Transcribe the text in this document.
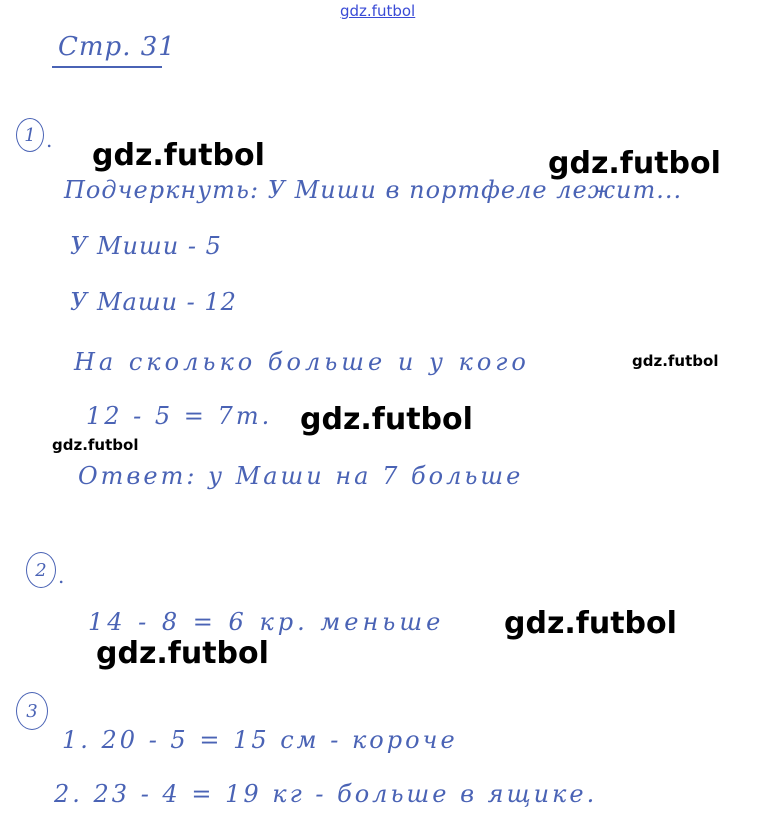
gdz.futbol
Стр. 31
1 .
Подчеркнуть: У Миши в портфеле лежит...
У Миши - 5
У Маши - 12
На сколько больше и у кого
12 - 5 = 7т.
Ответ: у Маши на 7 больше
2 .
14 - 8 = 6 кр. меньше
3
1. 20 - 5 = 15 см - короче
2. 23 - 4 = 19 кг - больше в ящике.
gdz.futbol	gdz.futbol
gdz.futbol
gdz.futbol
gdz.futbol
gdz.futbol
gdz.futbol
